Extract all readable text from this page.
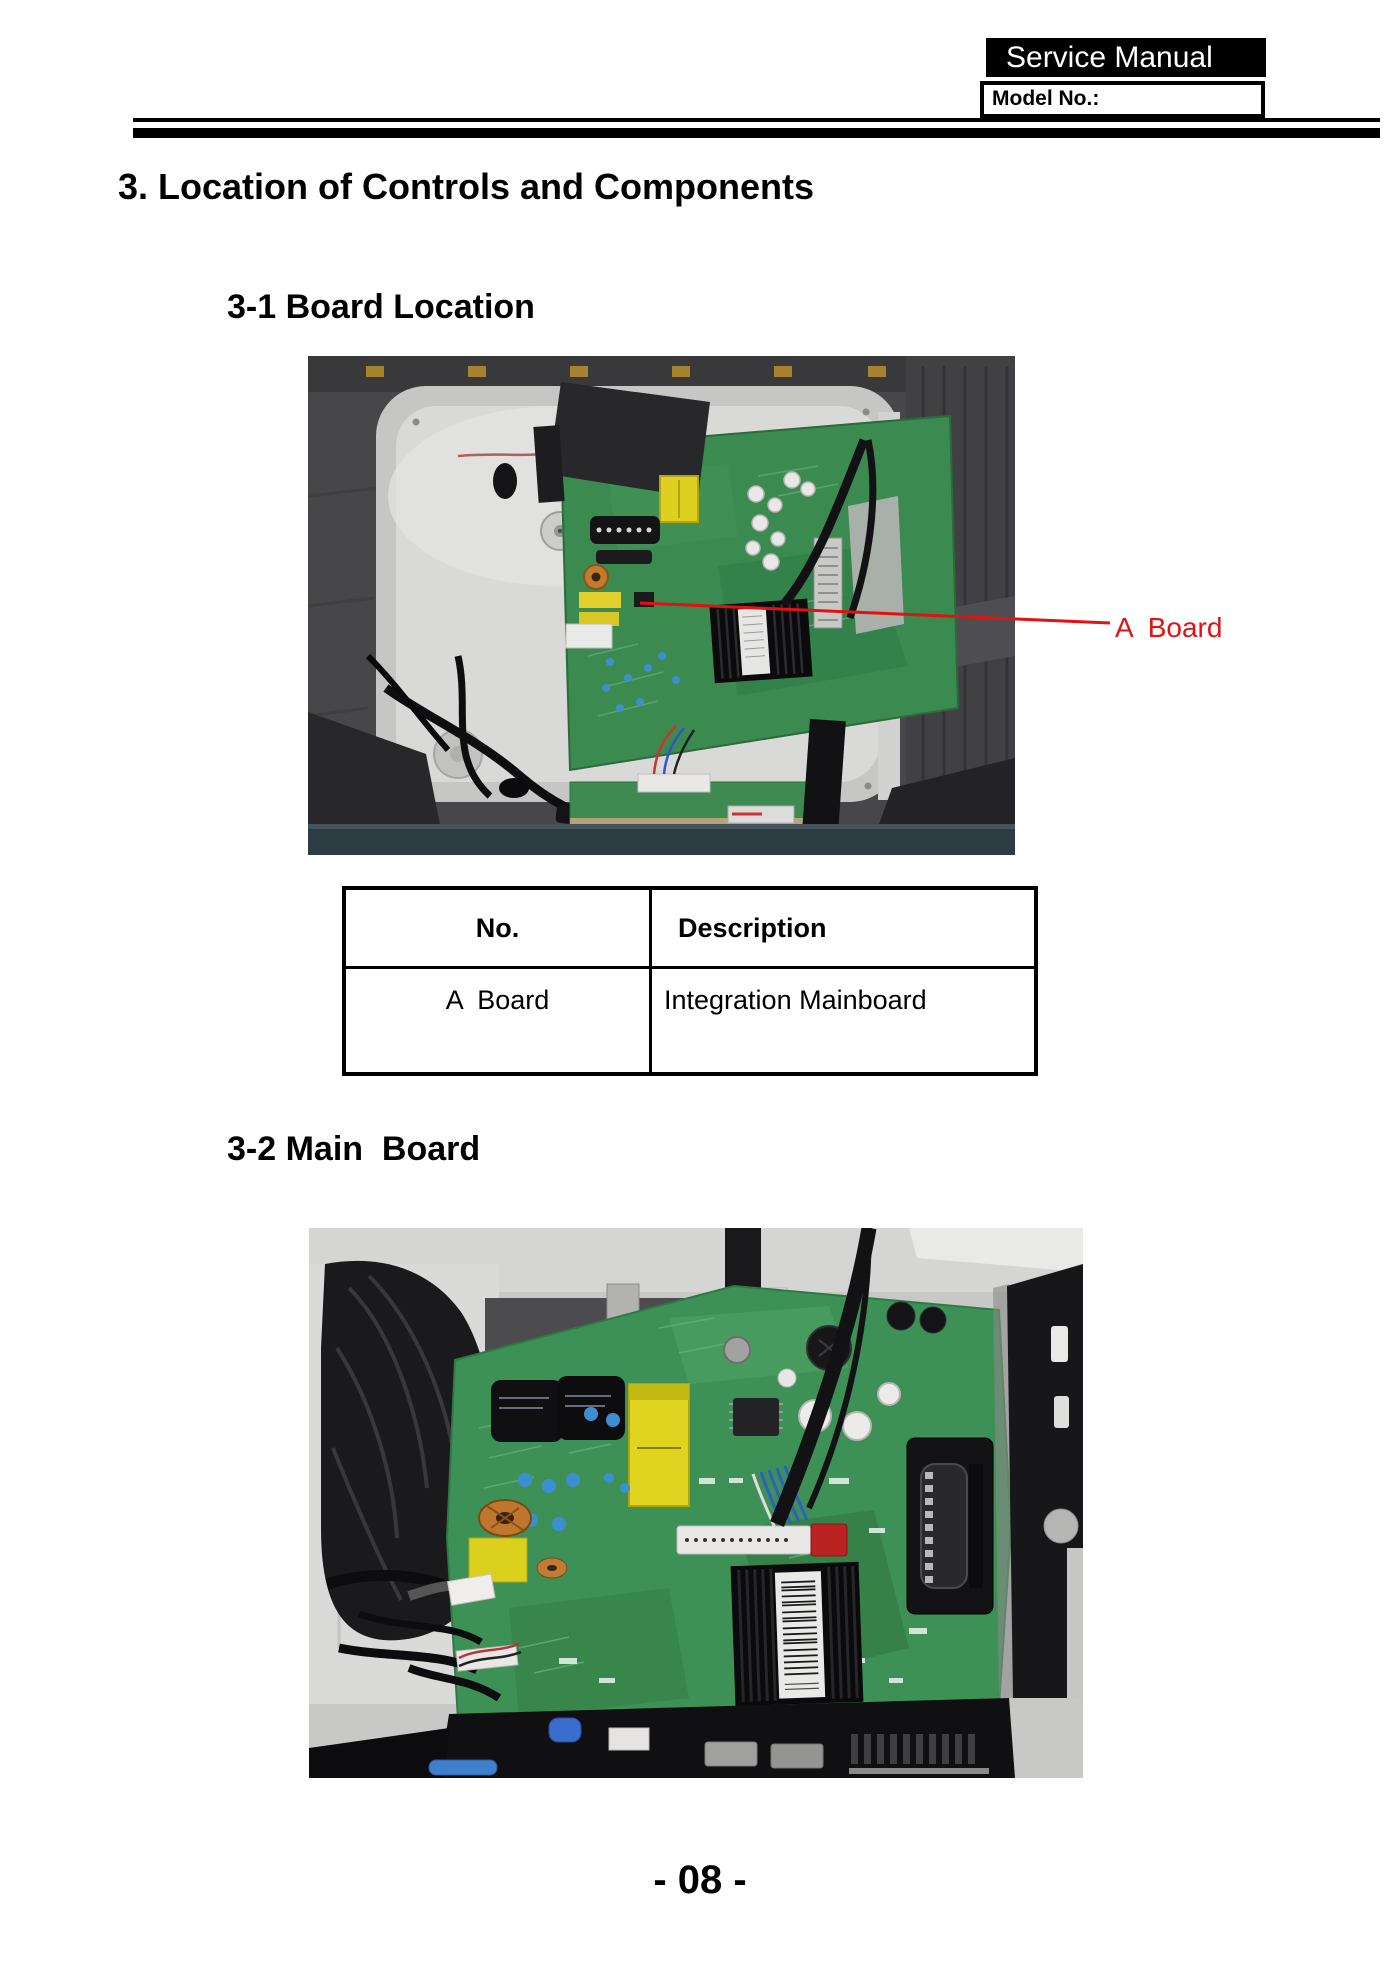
Service Manual
Model No.:
3. Location of Controls and Components
3-1 Board Location
A  Board
No.	Description
A  Board	Integration Mainboard
3-2 Main  Board
- 08 -
